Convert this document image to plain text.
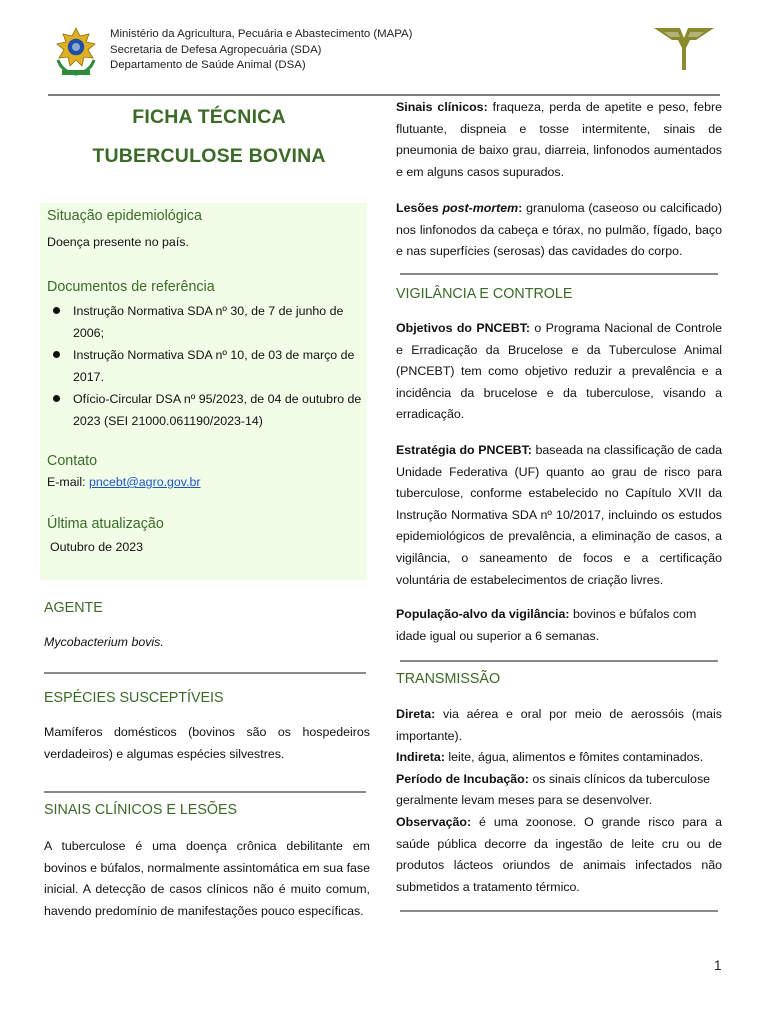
Ministério da Agricultura, Pecuária e Abastecimento (MAPA)
Secretaria de Defesa Agropecuária (SDA)
Departamento de Saúde Animal (DSA)
FICHA TÉCNICA
TUBERCULOSE BOVINA
Situação epidemiológica

Doença presente no país.

Documentos de referência
Instrução Normativa SDA nº 30, de 7 de junho de 2006;
Instrução Normativa SDA nº 10, de 03 de março de 2017.
Ofício-Circular DSA nº 95/2023, de 04 de outubro de 2023 (SEI 21000.061190/2023-14)
Contato

E-mail: pncebt@agro.gov.br

Última atualização

Outubro de 2023

AGENTE
Mycobacterium bovis.
ESPÉCIES SUSCEPTÍVEIS
Mamíferos domésticos (bovinos são os hospedeiros verdadeiros) e algumas espécies silvestres.
SINAIS CLÍNICOS E LESÕES
A tuberculose é uma doença crônica debilitante em bovinos e búfalos, normalmente assintomática em sua fase inicial. A detecção de casos clínicos não é muito comum, havendo predomínio de manifestações pouco específicas.
Sinais clínicos: fraqueza, perda de apetite e peso, febre flutuante, dispneia e tosse intermitente, sinais de pneumonia de baixo grau, diarreia, linfonodos aumentados e em alguns casos supurados.
Lesões post-mortem: granuloma (caseoso ou calcificado) nos linfonodos da cabeça e tórax, no pulmão, fígado, baço e nas superfícies (serosas) das cavidades do corpo.
VIGILÂNCIA E CONTROLE
Objetivos do PNCEBT: o Programa Nacional de Controle e Erradicação da Brucelose e da Tuberculose Animal (PNCEBT) tem como objetivo reduzir a prevalência e a incidência da brucelose e da tuberculose, visando a erradicação.
Estratégia do PNCEBT: baseada na classificação de cada Unidade Federativa (UF) quanto ao grau de risco para tuberculose, conforme estabelecido no Capítulo XVII da Instrução Normativa SDA nº 10/2017, incluindo os estudos epidemiológicos de prevalência, a eliminação de casos, a vigilância, o saneamento de focos e a certificação voluntária de estabelecimentos de criação livres.
População-alvo da vigilância: bovinos e búfalos com
idade igual ou superior a 6 semanas.
TRANSMISSÃO
Direta: via aérea e oral por meio de aerossóis (mais importante).
Indireta: leite, água, alimentos e fômites contaminados.
Período de Incubação: os sinais clínicos da tuberculose
geralmente levam meses para se desenvolver.
Observação: é uma zoonose. O grande risco para a saúde pública decorre da ingestão de leite cru ou de produtos lácteos oriundos de animais infectados não submetidos a tratamento térmico.
1
